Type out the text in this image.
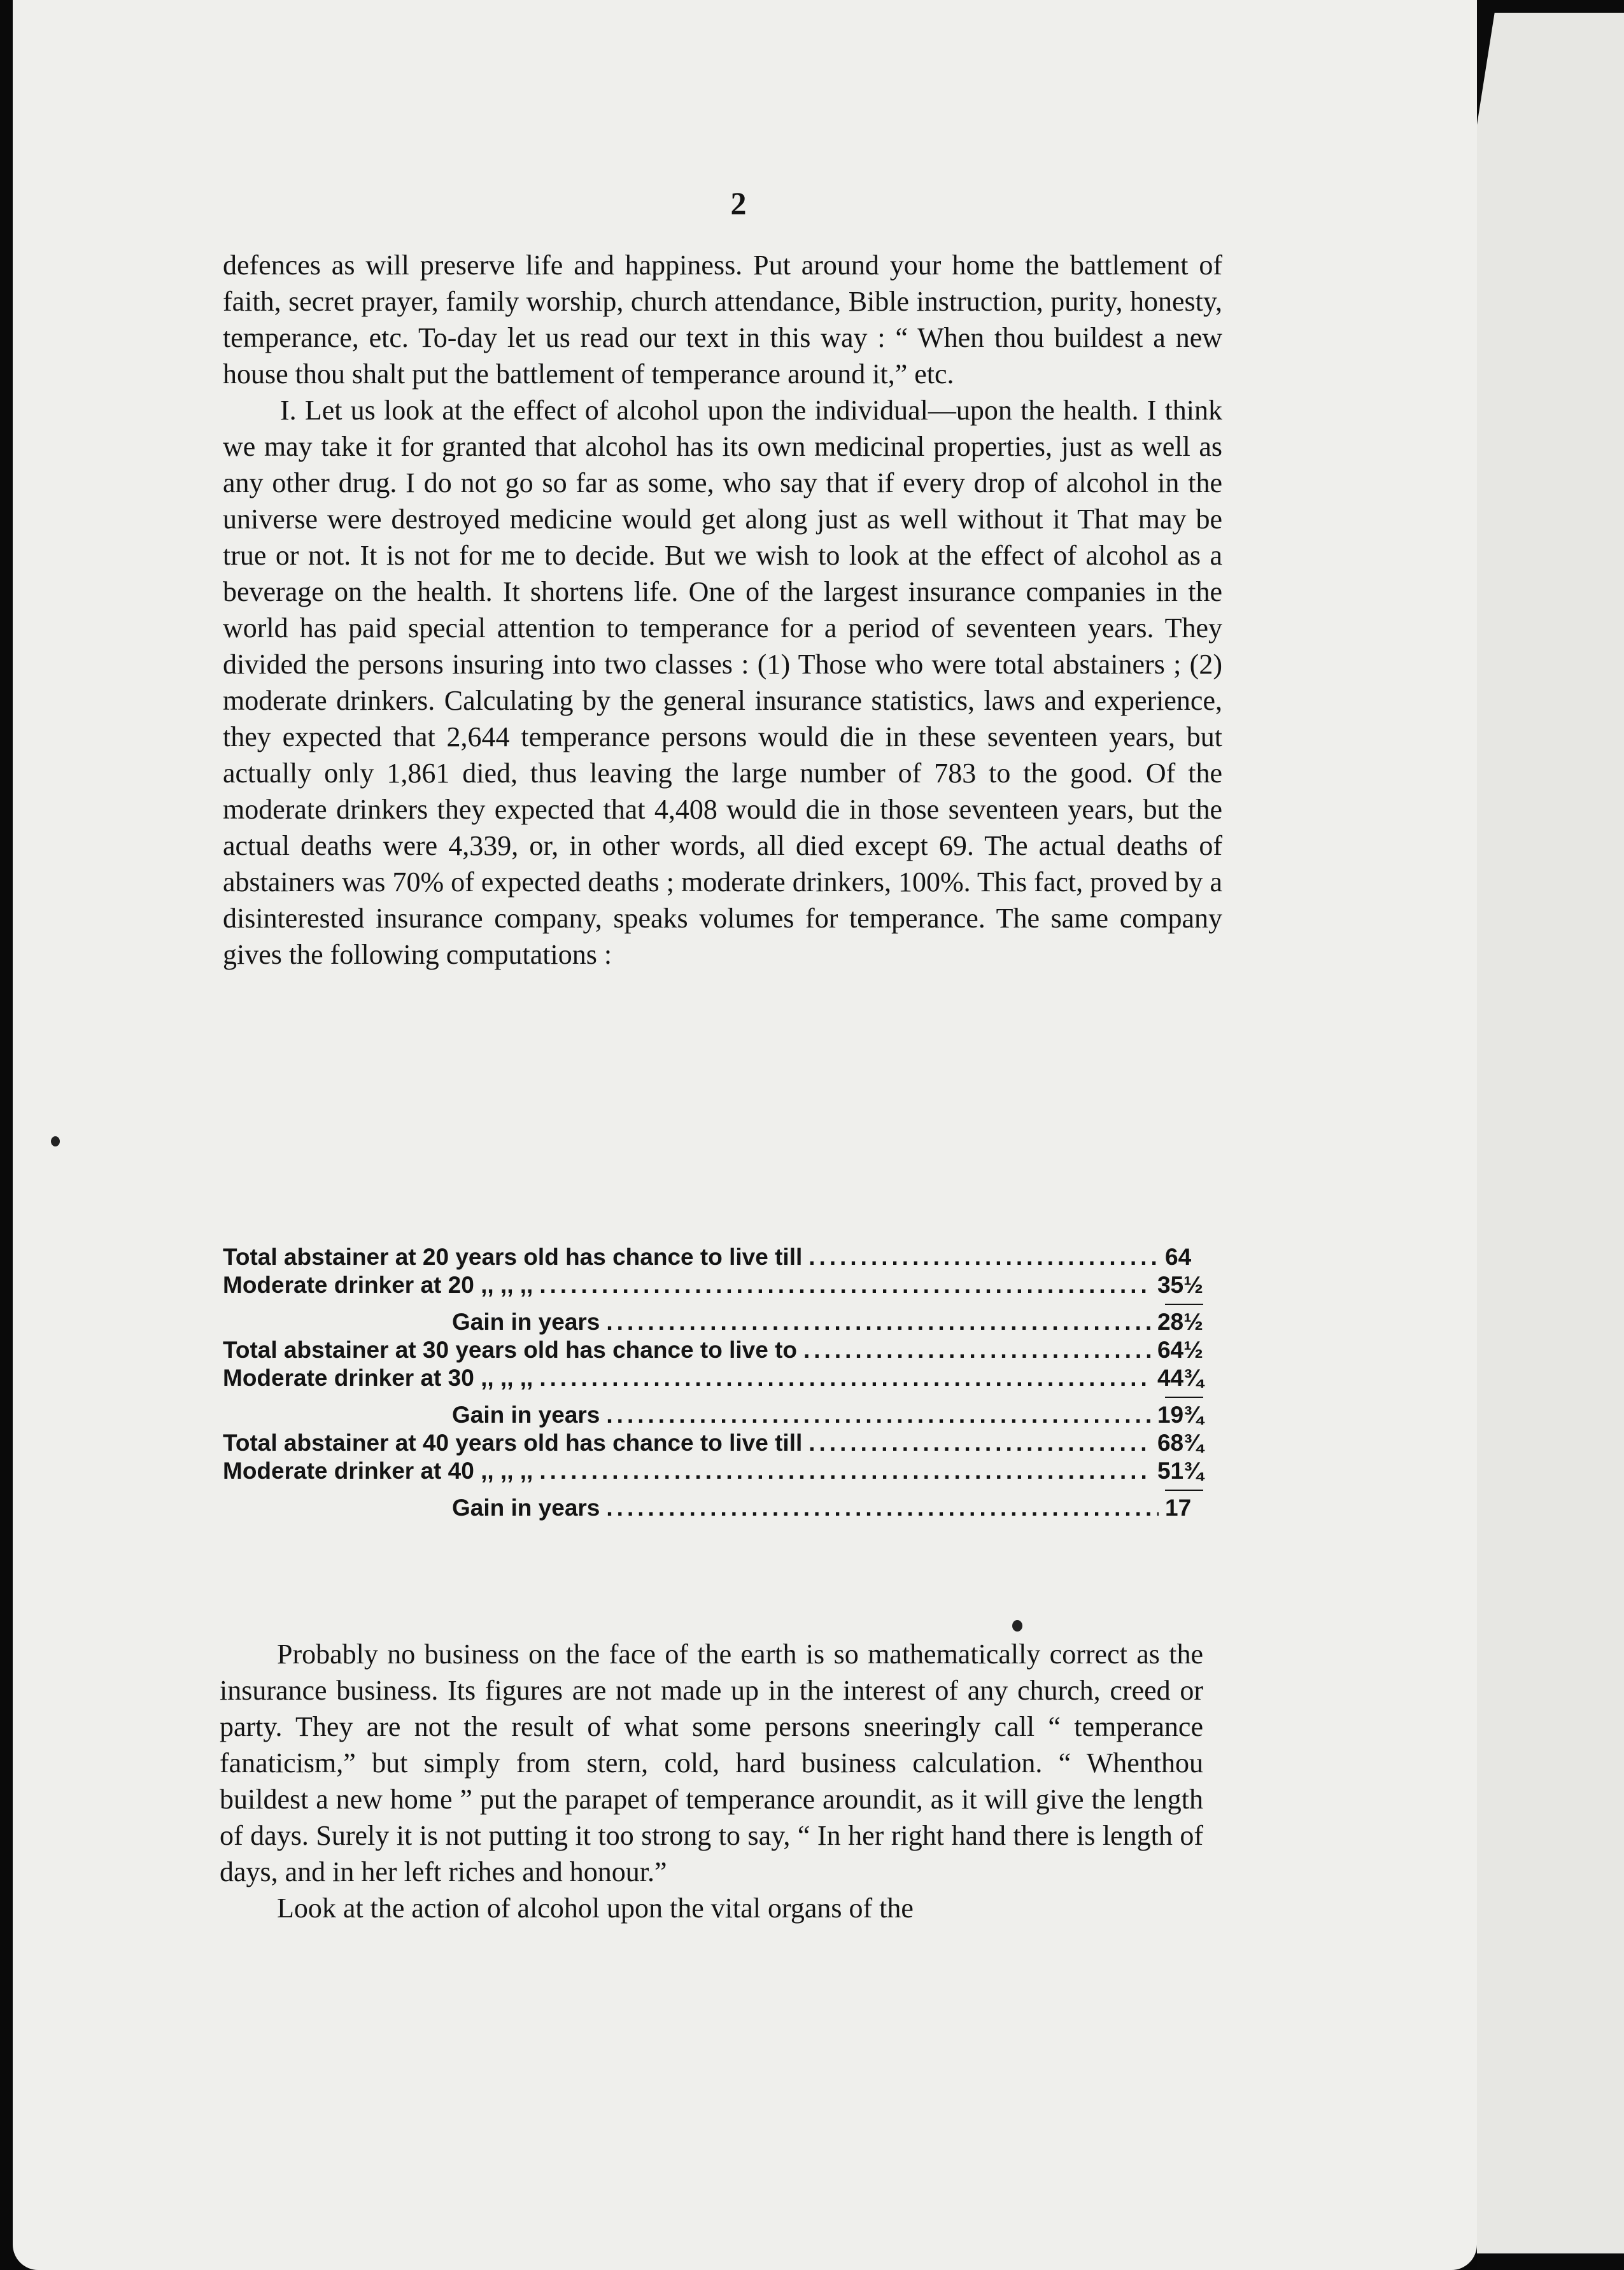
2

defences as will preserve life and happiness. Put around your home the battlement of faith, secret prayer, family worship, church attendance, Bible instruction, purity, honesty, temperance, etc. To-day let us read our text in this way : “ When thou buildest a new house thou shalt put the battlement of temperance around it,” etc.

I. Let us look at the effect of alcohol upon the individual—upon the health. I think we may take it for granted that alcohol has its own medicinal properties, just as well as any other drug. I do not go so far as some, who say that if every drop of alcohol in the universe were destroyed medicine would get along just as well without it That may be true or not. It is not for me to decide. But we wish to look at the effect of alcohol as a beverage on the health. It shortens life. One of the largest insurance companies in the world has paid special attention to temperance for a period of seventeen years. They divided the persons insuring into two classes : (1) Those who were total abstainers ; (2) moderate drinkers. Calculating by the general insurance statistics, laws and experience, they expected that 2,644 temperance persons would die in these seventeen years, but actually only 1,861 died, thus leaving the large number of 783 to the good. Of the moderate drinkers they expected that 4,408 would die in those seventeen years, but the actual deaths were 4,339, or, in other words, all died except 69. The actual deaths of abstainers was 70% of expected deaths ; moderate drinkers, 100%. This fact, proved by a disinterested insurance company, speaks volumes for temperance. The same company gives the following computations :

Total abstainer at 20 years old has chance to live till .....	64
Moderate drinker at 20 ,, ,, ,, .....	35½
Gain in years .....	28½
Total abstainer at 30 years old has chance to live to .....	64½
Moderate drinker at 30 ,, ,, ,, .....	44¾
Gain in years .....	19¾
Total abstainer at 40 years old has chance to live till .....	68¾
Moderate drinker at 40 ,, ,, ,, .....	51¾
Gain in years .....	17

Probably no business on the face of the earth is so mathematically correct as the insurance business. Its figures are not made up in the interest of any church, creed or party. They are not the result of what some persons sneeringly call “ temperance fanaticism,” but simply from stern, cold, hard business calculation. “ Whenthou buildest a new home ” put the parapet of temperance aroundit, as it will give the length of days. Surely it is not putting it too strong to say, “ In her right hand there is length of days, and in her left riches and honour.”

Look at the action of alcohol upon the vital organs of the
